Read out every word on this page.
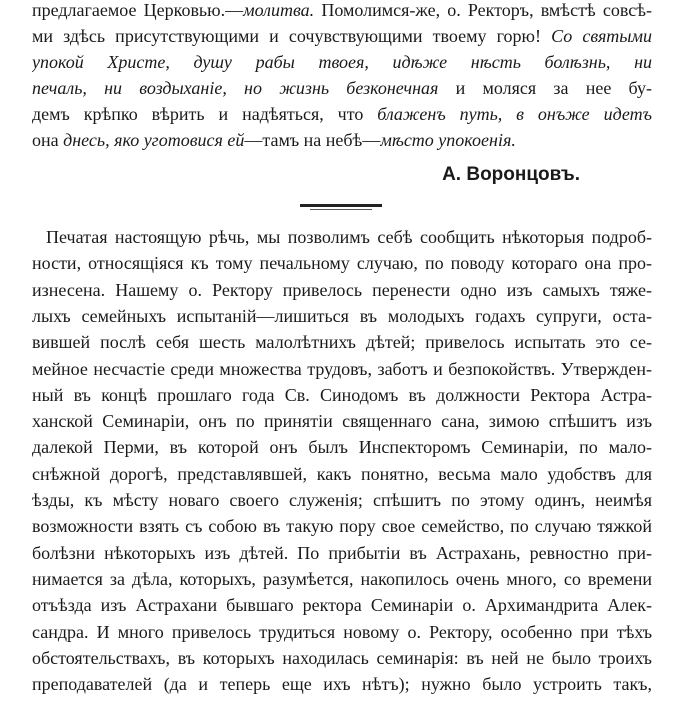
предлагаемое Церковью.—молитва. Помолимся-же, о. Ректоръ, вмѣстѣ совсѣ-
ми здѣсь присутствующими и сочувствующими твоему горю! Со святыми
упокой Христе, душу рабы твоея, идѣже нѣсть болѣзнь, ни
печаль, ни воздыханіе, но жизнь безконечная и моляся за нее бу-
демъ крѣпко вѣрить и надѣяться, что блаженъ путь, в онъже идетъ
она днесь, яко уготовися ей—тамъ на небѣ—мѣсто упокоенія.
А. Воронцовъ.
Печатая настоящую рѣчь, мы позволимъ себѣ сообщить нѣкоторыя подроб-
ности, относящіяся къ тому печальному случаю, по поводу котораго она про-
изнесена. Нашему о. Ректору привелось перенести одно изъ самыхъ тяже-
лыхъ семейныхъ испытаній—лишиться въ молодыхъ годахъ супруги, оста-
вившей послѣ себя шесть малолѣтнихъ дѣтей; привелось испытать это се-
мейное несчастіе среди множества трудовъ, заботъ и безпокойствъ. Утвержден-
ный въ концѣ прошлаго года Св. Синодомъ въ должности Ректора Астра-
ханской Семинаріи, онъ по принятіи священнаго сана, зимою спѣшитъ изъ
далекой Перми, въ которой онъ былъ Инспекторомъ Семинаріи, по мало-
снѣжной дорогѣ, представлявшей, какъ понятно, весьма мало удобствъ для
ѣзды, къ мѣсту новаго своего служенія; спѣшитъ по этому одинъ, неимѣя
возможности взять съ собою въ такую пору свое семейство, по случаю тяжкой
болѣзни нѣкоторыхъ изъ дѣтей. По прибытіи въ Астрахань, ревностно при-
нимается за дѣла, которыхъ, разумѣется, накопилось очень много, со времени
отъѣзда изъ Астрахани бывшаго ректора Семинаріи о. Архимандрита Алек-
сандра. И много привелось трудиться новому о. Ректору, особенно при тѣхъ
обстоятельствахъ, въ которыхъ находилась семинарія: въ ней не было троихъ
преподавателей (да и теперь еще ихъ нѣтъ); нужно было устроить такъ,
